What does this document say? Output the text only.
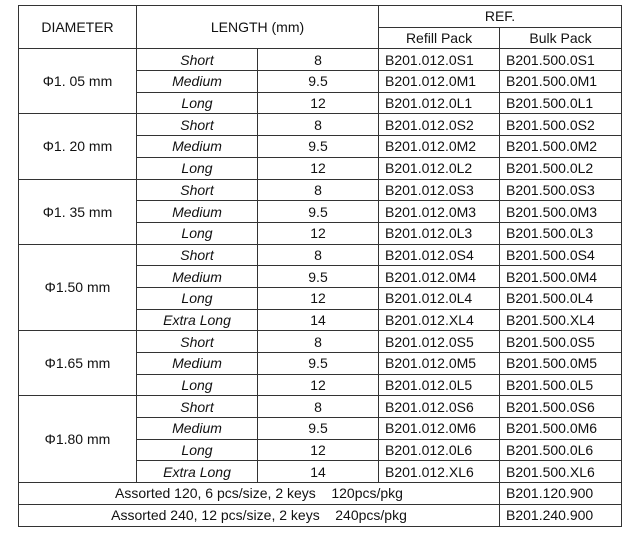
DIAMETER	LENGTH (mm)		REF.	
			Refill Pack	Bulk Pack
Φ1. 05 mm	Short	8	B201.012.0S1	B201.500.0S1
	Medium	9.5	B201.012.0M1	B201.500.0M1
	Long	12	B201.012.0L1	B201.500.0L1
Φ1. 20 mm	Short	8	B201.012.0S2	B201.500.0S2
	Medium	9.5	B201.012.0M2	B201.500.0M2
	Long	12	B201.012.0L2	B201.500.0L2
Φ1. 35 mm	Short	8	B201.012.0S3	B201.500.0S3
	Medium	9.5	B201.012.0M3	B201.500.0M3
	Long	12	B201.012.0L3	B201.500.0L3
Φ1.50 mm	Short	8	B201.012.0S4	B201.500.0S4
	Medium	9.5	B201.012.0M4	B201.500.0M4
	Long	12	B201.012.0L4	B201.500.0L4
	Extra Long	14	B201.012.XL4	B201.500.XL4
Φ1.65 mm	Short	8	B201.012.0S5	B201.500.0S5
	Medium	9.5	B201.012.0M5	B201.500.0M5
	Long	12	B201.012.0L5	B201.500.0L5
Φ1.80 mm	Short	8	B201.012.0S6	B201.500.0S6
	Medium	9.5	B201.012.0M6	B201.500.0M6
	Long	12	B201.012.0L6	B201.500.0L6
	Extra Long	14	B201.012.XL6	B201.500.XL6
Assorted 120, 6 pcs/size, 2 keys    120pcs/pkg				B201.120.900
Assorted 240, 12 pcs/size, 2 keys    240pcs/pkg				B201.240.900
